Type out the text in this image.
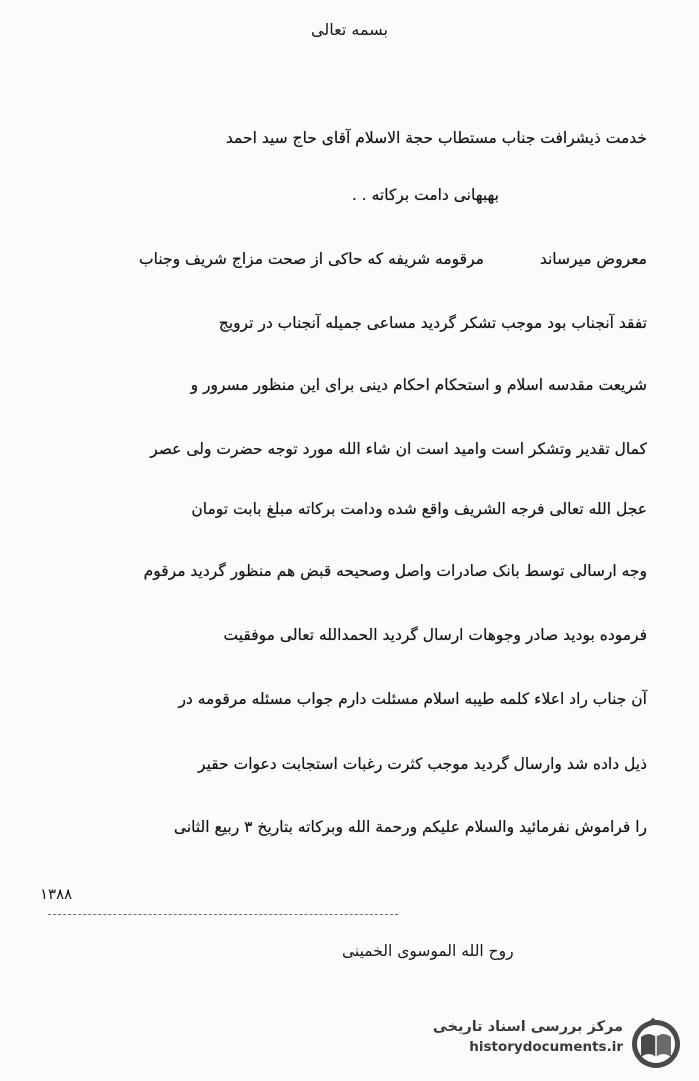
بسمه تعالی
خدمت ذیشرافت جناب مستطاب حجة الاسلام آقای حاج سید احمد
بهبهانی دامت برکاته . .
معروض میرساند  مرقومه شریفه که حاکی از صحت مزاج شریف وجناب
تفقد آنجناب بود موجب تشکر گردید مساعی جمیله آنجناب در ترویج
شریعت مقدسه اسلام و استحکام احکام دینی برای این منظور مسرور و
کمال تقدیر وتشکر است وامید است ان شاء الله مورد توجه حضرت ولی عصر
عجل الله تعالی فرجه الشریف واقع شده ودامت برکاته مبلغ بابت تومان
وجه ارسالی توسط بانک صادرات واصل وصحیحه قبض هم منظور گردید مرقوم
فرموده بودید صادر وجوهات ارسال گردید الحمدالله تعالی موفقیت
آن جناب راد اعلاء کلمه طیبه اسلام مسئلت دارم جواب مسئله مرقومه در
ذیل داده شد وارسال گردید موجب کثرت رغبات استجابت دعوات حقیر
را فراموش نفرمائید والسلام علیکم ورحمة الله وبرکاته بتاریخ ۳ ربیع الثانی
۱۳۸۸
روح الله الموسوی الخمینی
مرکز بررسی اسناد تاریخی
historydocuments.ir
